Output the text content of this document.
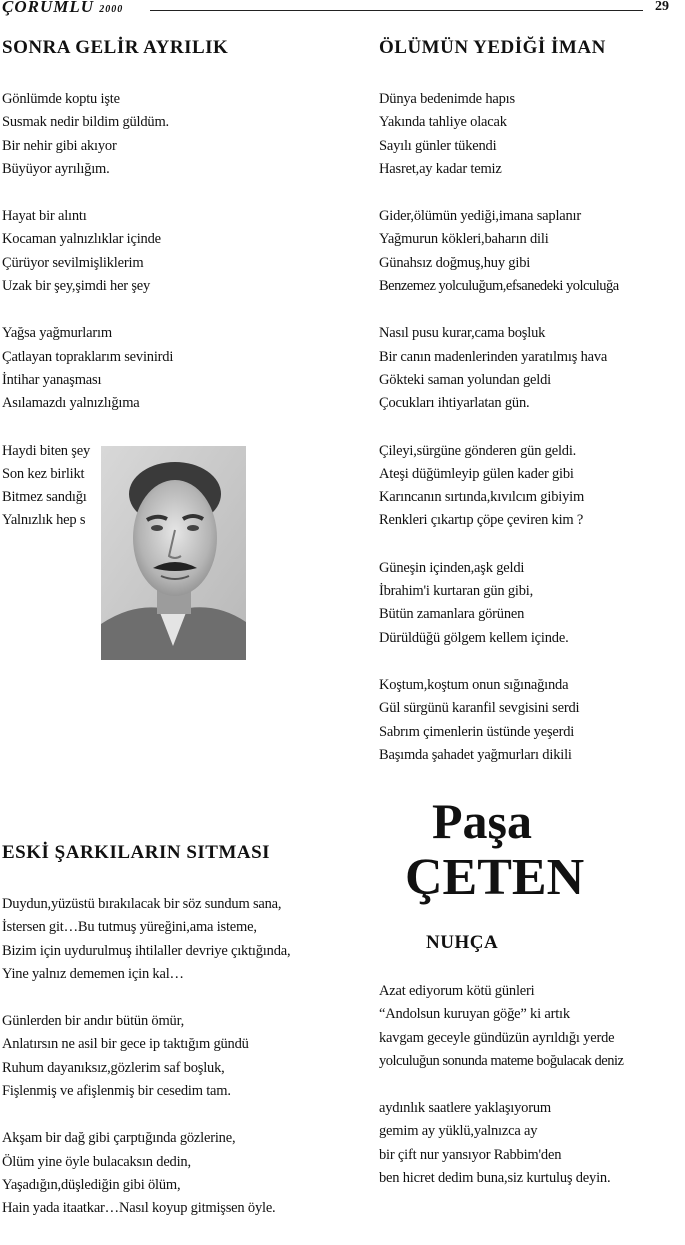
ÇORUMLU 2000	29
SONRA GELİR AYRILIK
Gönlümde koptu işte
Susmak nedir bildim güldüm.
Bir nehir gibi akıyor
Büyüyor ayrılığım.
Hayat bir alıntı
Kocaman yalnızlıklar içinde
Çürüyor sevilmişliklerim
Uzak bir şey,şimdi her şey
Yağsa yağmurlarım
Çatlayan topraklarım sevinirdi
İntihar yanaşması
Asılamazdı yalnızlığıma
Haydi biten şey
Son kez birlikt
Bitmez sandığı
Yalnızlık hep s
ÖLÜMÜN YEDİĞİ İMAN
Dünya bedenimde hapıs
Yakında tahliye olacak
Sayılı günler tükendi
Hasret,ay kadar temiz
Gider,ölümün yediği,imana saplanır
Yağmurun kökleri,baharın dili
Günahsız doğmuş,huy gibi
Benzemez yolculuğum,efsanedeki yolculuğa
Nasıl pusu kurar,cama boşluk
Bir canın madenlerinden yaratılmış hava
Gökteki saman yolundan geldi
Çocukları ihtiyarlatan gün.
Çileyi,sürgüne gönderen gün geldi.
Ateşi düğümleyip gülen kader gibi
Karıncanın sırtında,kıvılcım gibiyim
Renkleri çıkartıp çöpe çeviren kim ?
Güneşin içinden,aşk geldi
İbrahim'i kurtaran gün gibi,
Bütün zamanlara görünen
Dürüldüğü gölgem kellem içinde.
Koştum,koştum onun sığınağında
Gül sürgünü karanfil sevgisini serdi
Sabrım çimenlerin üstünde yeşerdi
Başımda şahadet yağmurları dikili
Paşa
ÇETEN
ESKİ ŞARKILARIN SITMASI
Duydun,yüzüstü bırakılacak bir söz sundum sana,
İstersen git…Bu tutmuş yüreğini,ama isteme,
Bizim için uydurulmuş ihtilaller devriye çıktığında,
Yine yalnız dememen için kal…
Günlerden bir andır bütün ömür,
Anlatırsın ne asil bir gece ip taktığım gündü
Ruhum dayanıksız,gözlerim saf boşluk,
Fişlenmiş ve afişlenmiş bir cesedim tam.
Akşam bir dağ gibi çarptığında gözlerine,
Ölüm yine öyle bulacaksın dedin,
Yaşadığın,düşlediğin gibi ölüm,
Hain yada itaatkar…Nasıl koyup gitmişsen öyle.
NUHÇA
Azat ediyorum kötü günleri
“Andolsun kuruyan göğe” ki artık
kavgam geceyle gündüzün ayrıldığı yerde
yolculuğun sonunda mateme boğulacak deniz
aydınlık saatlere yaklaşıyorum
gemim ay yüklü,yalnızca ay
bir çift nur yansıyor Rabbim'den
ben hicret dedim buna,siz kurtuluş deyin.
